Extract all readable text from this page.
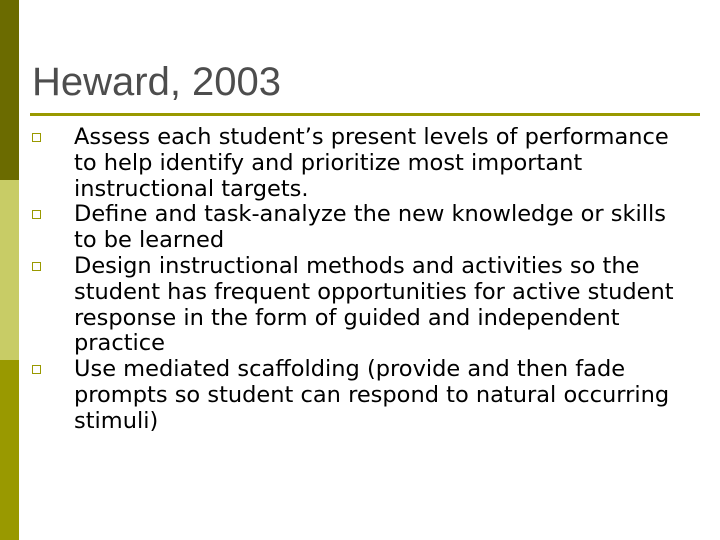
Heward, 2003
Assess each student’s present levels of performance to help identify and prioritize most important instructional targets.
Define and task-analyze the new knowledge or skills to be learned
Design instructional methods and activities so the student has frequent opportunities for active student response in the form of guided and independent practice
Use mediated scaffolding (provide and then fade prompts so student can respond to natural occurring stimuli)
